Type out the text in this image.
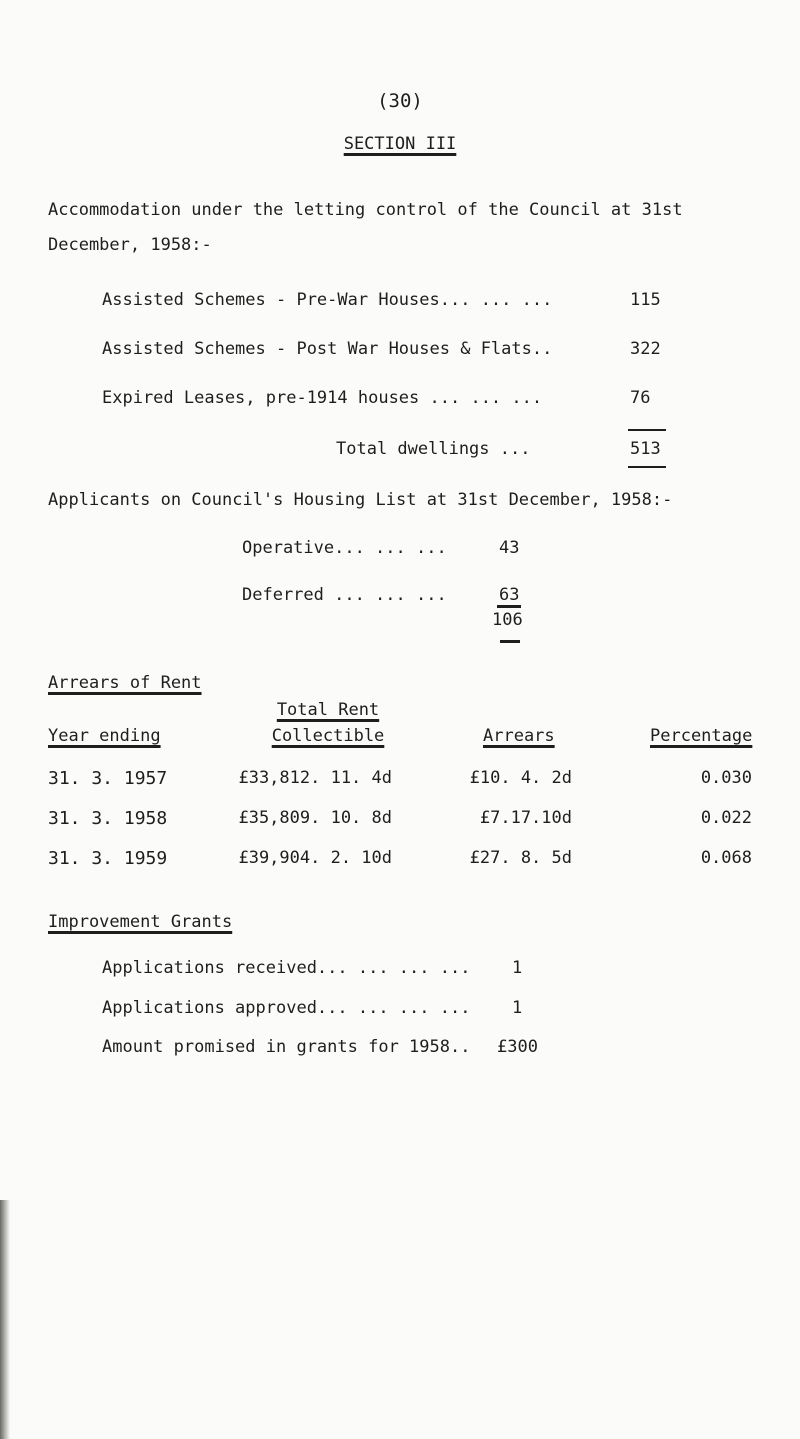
(30)
SECTION III
Accommodation under the letting control of the Council at 31st
December, 1958:-
Assisted Schemes - Pre-War Houses... ... ...	115
Assisted Schemes - Post War Houses & Flats..	322
Expired Leases, pre-1914 houses ... ... ...	76
Total dwellings ...	513
Applicants on Council's Housing List at 31st December, 1958:-
Operative... ... ...	43
Deferred ... ... ...	63
106
Arrears of Rent
Total Rent
Year ending	Collectible	Arrears	Percentage
31. 3. 1957	£33,812. 11. 4d	£10. 4. 2d	0.030
31. 3. 1958	£35,809. 10. 8d	£7.17.10d	0.022
31. 3. 1959	£39,904. 2. 10d	£27. 8. 5d	0.068
Improvement Grants
Applications received... ... ... ... 1
Applications approved... ... ... ... 1
Amount promised in grants for 1958.. £300
